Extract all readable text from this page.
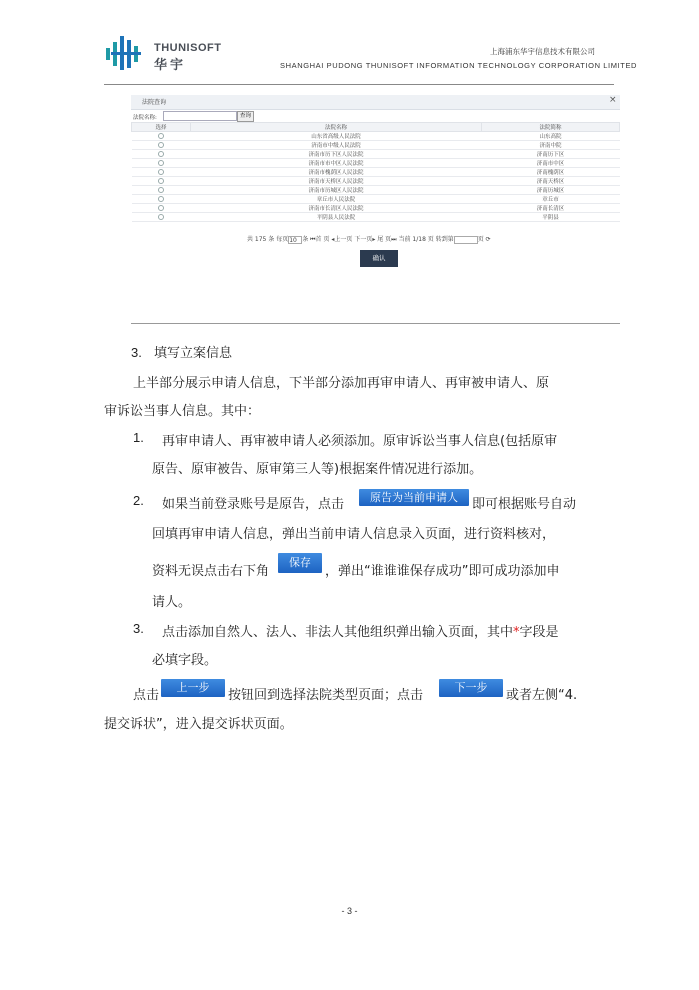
THUNISOFT
华宇
上海浦东华宇信息技术有限公司
SHANGHAI PUDONG THUNISOFT INFORMATION TECHNOLOGY CORPORATION LIMITED
法院查询	×
法院名称:	查询
选择	法院名称	法院简称
	山东省高级人民法院	山东高院
	济南市中级人民法院	济南中院
	济南市历下区人民法院	济南历下区
	济南市市中区人民法院	济南市中区
	济南市槐荫区人民法院	济南槐荫区
	济南市天桥区人民法院	济南天桥区
	济南市历城区人民法院	济南历城区
	章丘市人民法院	章丘市
	济南市长清区人民法院	济南长清区
	平阴县人民法院	平阴县
共 175 条 每页10 条 ⏮首 页 ◂上一页 下一页▸ 尾 页⏭ 当前 1/18 页 转到第	页 ⟳
确认
3. 填写立案信息
上半部分展示申请人信息，下半部分添加再审申请人、再审被申请人、原
审诉讼当事人信息。其中：
1. 再审申请人、再审被申请人必须添加。原审诉讼当事人信息(包括原审
原告、原审被告、原审第三人等)根据案件情况进行添加。
2. 如果当前登录账号是原告，点击	原告为当前申请人	即可根据账号自动
回填再审申请人信息，弹出当前申请人信息录入页面，进行资料核对，
资料无误点击右下角
保存
，弹出“谁谁谁保存成功”即可成功添加申
请人。
3. 点击添加自然人、法人、非法人其他组织弹出输入页面，其中*字段是
必填字段。
点击
上一步
按钮回到选择法院类型页面；点击
下一步
或者左侧“4.
提交诉状”，进入提交诉状页面。
- 3 -
